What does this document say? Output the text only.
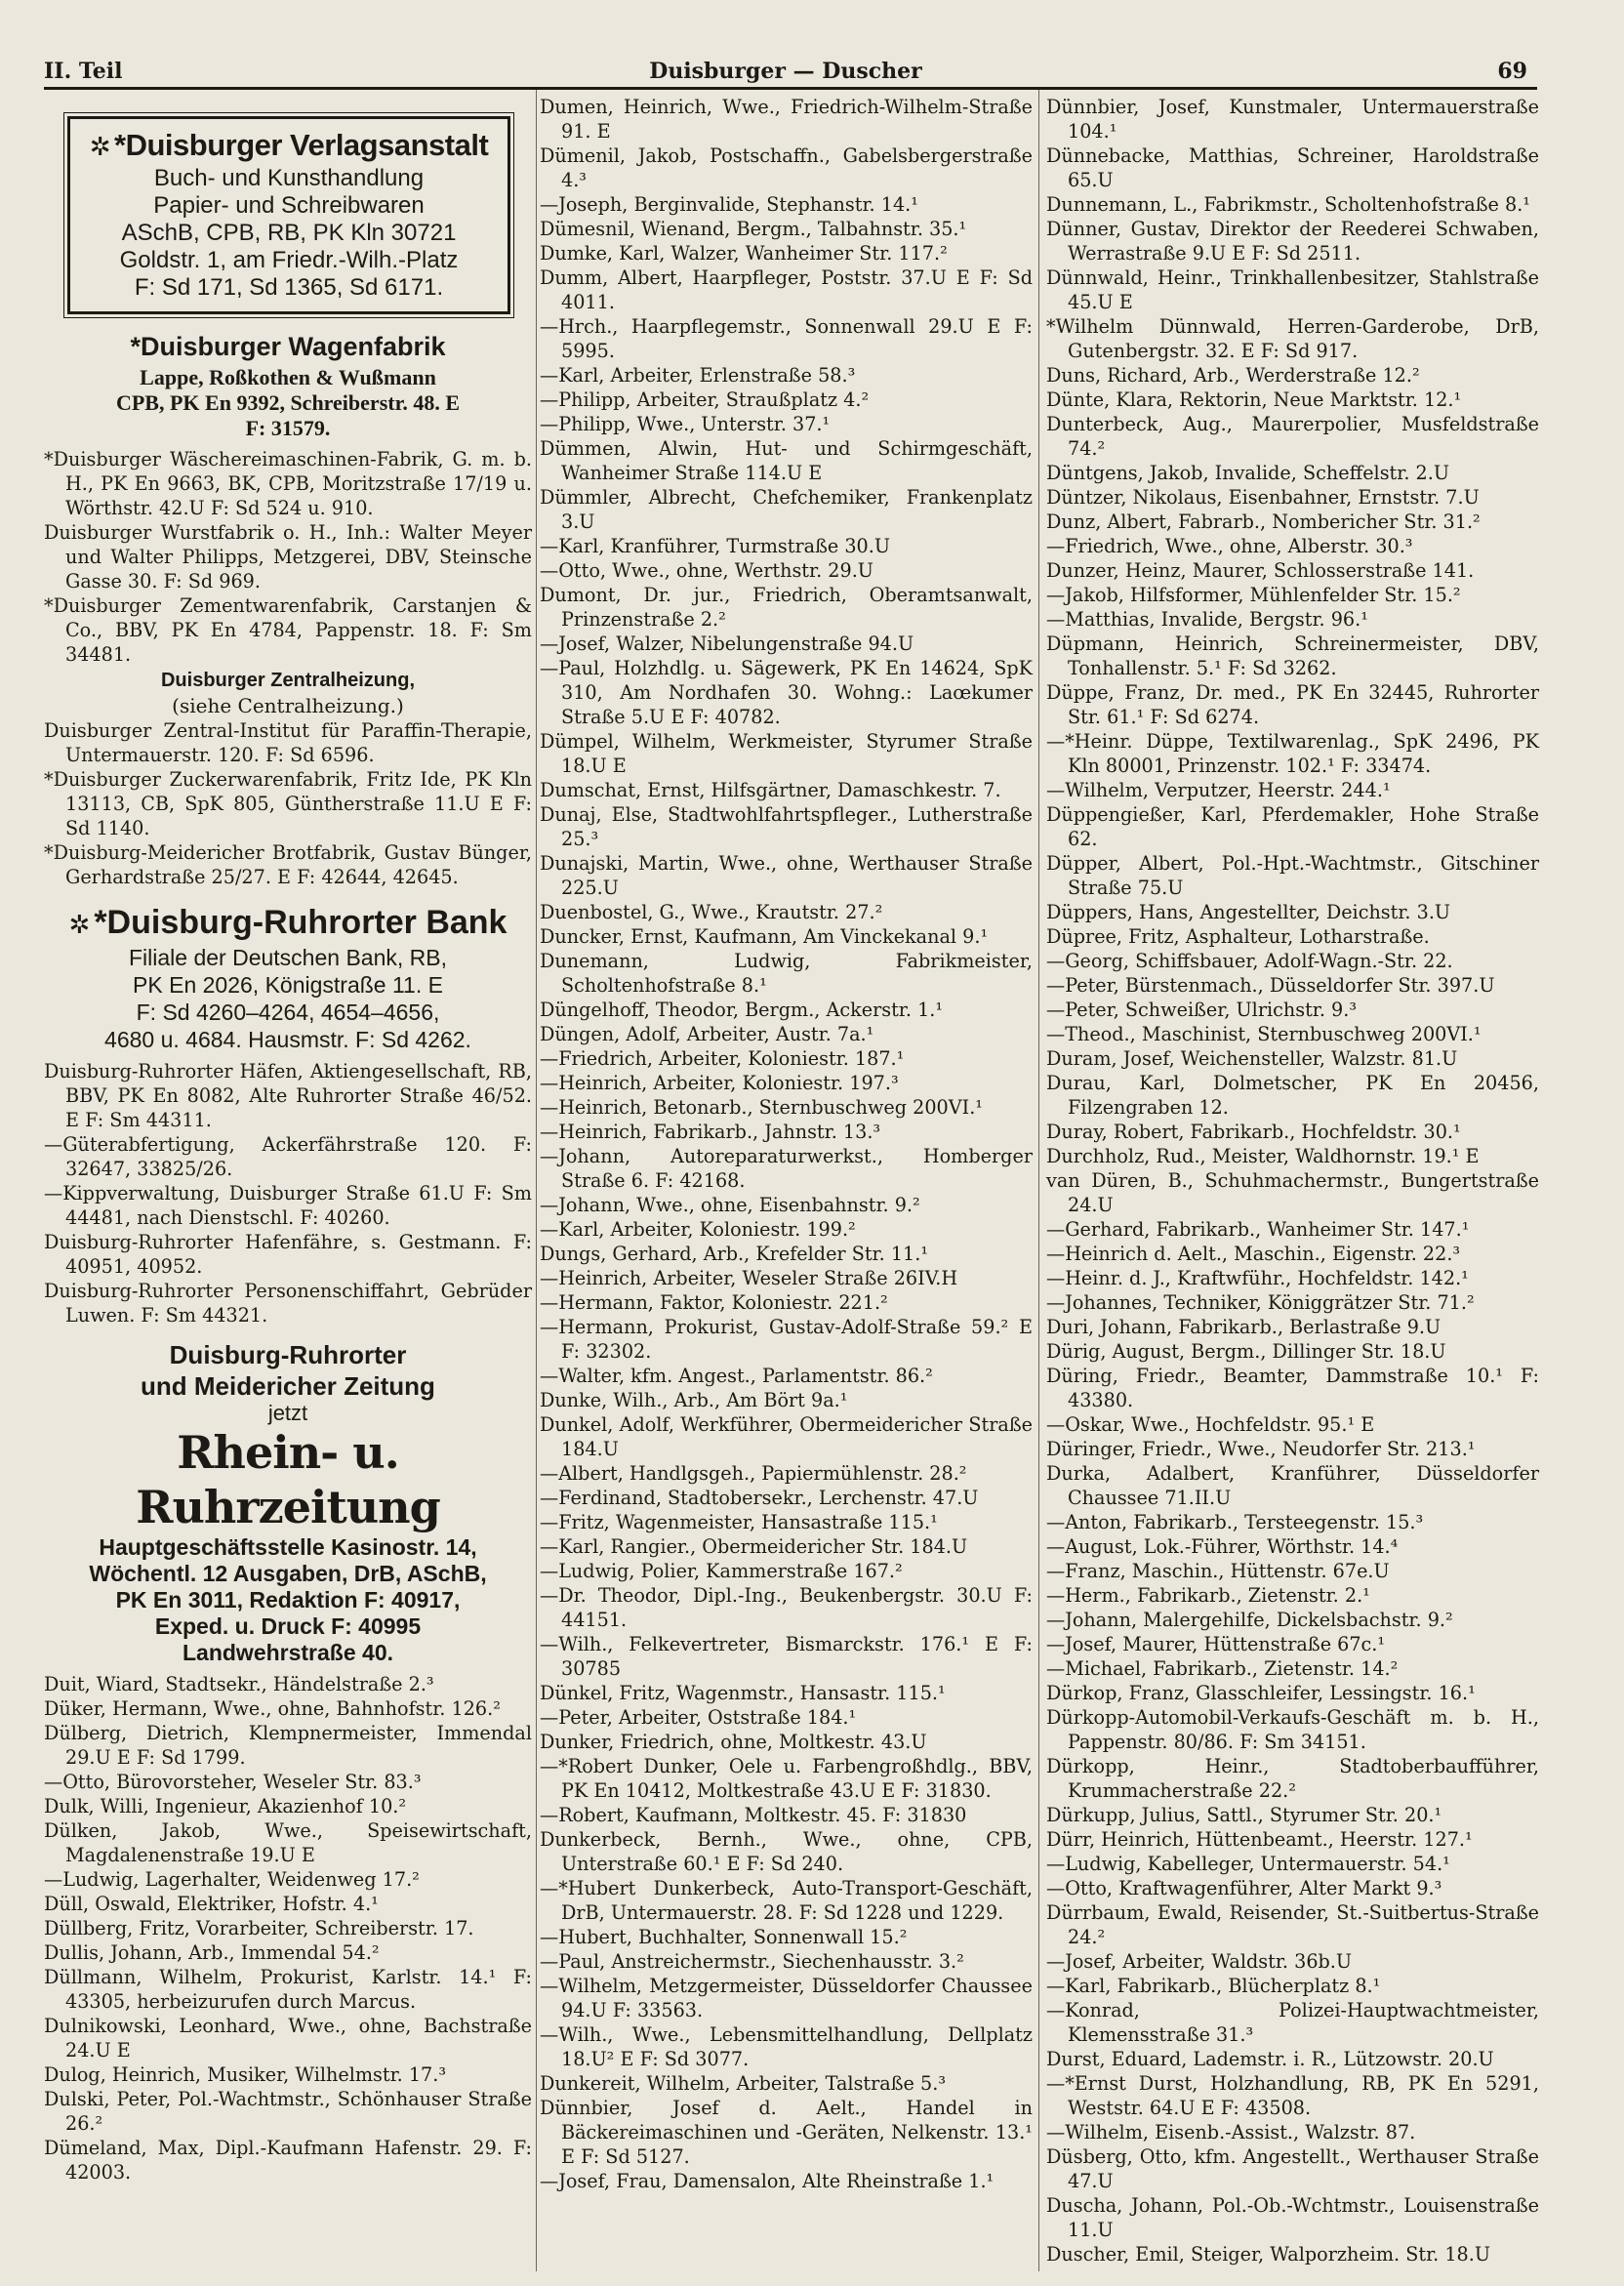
II. Teil	Duisburger — Duscher	69
✲ *Duisburger Verlagsanstalt
Buch- und Kunsthandlung
Papier- und Schreibwaren
ASchB, CPB, RB, PK Kln 30721
Goldstr. 1, am Friedr.-Wilh.-Platz
F: Sd 171, Sd 1365, Sd 6171.
*Duisburger Wagenfabrik
Lappe, Roßkothen & Wußmann
CPB, PK En 9392, Schreiberstr. 48. E
F: 31579.
*Duisburger Wäschereimaschinen-Fabrik, G. m. b. H., PK En 9663, BK, CPB, Moritzstraße 17/19 u. Wörthstr. 42.U F: Sd 524 u. 910.
Duisburger Wurstfabrik o. H., Inh.: Walter Meyer und Walter Philipps, Metzgerei, DBV, Steinsche Gasse 30. F: Sd 969.
*Duisburger Zementwarenfabrik, Carstanjen & Co., BBV, PK En 4784, Pappenstr. 18. F: Sm 34481.
Duisburger Zentralheizung,
(siehe Centralheizung.)
Duisburger Zentral-Institut für Paraffin-Therapie, Untermauerstr. 120. F: Sd 6596.
*Duisburger Zuckerwarenfabrik, Fritz Ide, PK Kln 13113, CB, SpK 805, Güntherstraße 11.U E F: Sd 1140.
*Duisburg-Meidericher Brotfabrik, Gustav Bünger, Gerhardstraße 25/27. E F: 42644, 42645.
✲ *Duisburg-Ruhrorter Bank
Filiale der Deutschen Bank, RB,
PK En 2026, Königstraße 11. E
F: Sd 4260–4264, 4654–4656,
4680 u. 4684. Hausmstr. F: Sd 4262.
Duisburg-Ruhrorter Häfen, Aktiengesellschaft, RB, BBV, PK En 8082, Alte Ruhrorter Straße 46/52. E F: Sm 44311.
—Güterabfertigung, Ackerfährstraße 120. F: 32647, 33825/26.
—Kippverwaltung, Duisburger Straße 61.U F: Sm 44481, nach Dienstschl. F: 40260.
Duisburg-Ruhrorter Hafenfähre, s. Gestmann. F: 40951, 40952.
Duisburg-Ruhrorter Personenschiffahrt, Gebrüder Luwen. F: Sm 44321.
Duisburg-Ruhrorter
und Meidericher Zeitung
jetzt
Rhein- u. Ruhrzeitung
Hauptgeschäftsstelle Kasinostr. 14,
Wöchentl. 12 Ausgaben, DrB, ASchB,
PK En 3011, Redaktion F: 40917,
Exped. u. Druck F: 40995
Landwehrstraße 40.
Duit, Wiard, Stadtsekr., Händelstraße 2.³
Düker, Hermann, Wwe., ohne, Bahnhofstr. 126.²
Dülberg, Dietrich, Klempnermeister, Immendal 29.U E F: Sd 1799.
—Otto, Bürovorsteher, Weseler Str. 83.³
Dulk, Willi, Ingenieur, Akazienhof 10.²
Dülken, Jakob, Wwe., Speisewirtschaft, Magdalenenstraße 19.U E
—Ludwig, Lagerhalter, Weidenweg 17.²
Düll, Oswald, Elektriker, Hofstr. 4.¹
Düllberg, Fritz, Vorarbeiter, Schreiberstr. 17.
Dullis, Johann, Arb., Immendal 54.²
Düllmann, Wilhelm, Prokurist, Karlstr. 14.¹ F: 43305, herbeizurufen durch Marcus.
Dulnikowski, Leonhard, Wwe., ohne, Bachstraße 24.U E
Dulog, Heinrich, Musiker, Wilhelmstr. 17.³
Dulski, Peter, Pol.-Wachtmstr., Schönhauser Straße 26.²
Dümeland, Max, Dipl.-Kaufmann Hafenstr. 29. F: 42003.
Dumen, Heinrich, Wwe., Friedrich-Wilhelm-Straße 91. E
Dümenil, Jakob, Postschaffn., Gabelsbergerstraße 4.³
—Joseph, Berginvalide, Stephanstr. 14.¹
Dümesnil, Wienand, Bergm., Talbahnstr. 35.¹
Dumke, Karl, Walzer, Wanheimer Str. 117.²
Dumm, Albert, Haarpfleger, Poststr. 37.U E F: Sd 4011.
—Hrch., Haarpflegemstr., Sonnenwall 29.U E F: 5995.
—Karl, Arbeiter, Erlenstraße 58.³
—Philipp, Arbeiter, Straußplatz 4.²
—Philipp, Wwe., Unterstr. 37.¹
Dümmen, Alwin, Hut- und Schirmgeschäft, Wanheimer Straße 114.U E
Dümmler, Albrecht, Chefchemiker, Frankenplatz 3.U
—Karl, Kranführer, Turmstraße 30.U
—Otto, Wwe., ohne, Werthstr. 29.U
Dumont, Dr. jur., Friedrich, Oberamtsanwalt, Prinzenstraße 2.²
—Josef, Walzer, Nibelungenstraße 94.U
—Paul, Holzhdlg. u. Sägewerk, PK En 14624, SpK 310, Am Nordhafen 30. Wohng.: Laœkumer Straße 5.U E F: 40782.
Dümpel, Wilhelm, Werkmeister, Styrumer Straße 18.U E
Dumschat, Ernst, Hilfsgärtner, Damaschkestr. 7.
Dunaj, Else, Stadtwohlfahrtspfleger., Lutherstraße 25.³
Dunajski, Martin, Wwe., ohne, Werthauser Straße 225.U
Duenbostel, G., Wwe., Krautstr. 27.²
Duncker, Ernst, Kaufmann, Am Vinckekanal 9.¹
Dunemann, Ludwig, Fabrikmeister, Scholtenhofstraße 8.¹
Düngelhoff, Theodor, Bergm., Ackerstr. 1.¹
Düngen, Adolf, Arbeiter, Austr. 7a.¹
—Friedrich, Arbeiter, Koloniestr. 187.¹
—Heinrich, Arbeiter, Koloniestr. 197.³
—Heinrich, Betonarb., Sternbuschweg 200VI.¹
—Heinrich, Fabrikarb., Jahnstr. 13.³
—Johann, Autoreparaturwerkst., Homberger Straße 6. F: 42168.
—Johann, Wwe., ohne, Eisenbahnstr. 9.²
—Karl, Arbeiter, Koloniestr. 199.²
Dungs, Gerhard, Arb., Krefelder Str. 11.¹
—Heinrich, Arbeiter, Weseler Straße 26IV.H
—Hermann, Faktor, Koloniestr. 221.²
—Hermann, Prokurist, Gustav-Adolf-Straße 59.² E F: 32302.
—Walter, kfm. Angest., Parlamentstr. 86.²
Dunke, Wilh., Arb., Am Bört 9a.¹
Dunkel, Adolf, Werkführer, Obermeidericher Straße 184.U
—Albert, Handlgsgeh., Papiermühlenstr. 28.²
—Ferdinand, Stadtobersekr., Lerchenstr. 47.U
—Fritz, Wagenmeister, Hansastraße 115.¹
—Karl, Rangier., Obermeidericher Str. 184.U
—Ludwig, Polier, Kammerstraße 167.²
—Dr. Theodor, Dipl.-Ing., Beukenbergstr. 30.U F: 44151.
—Wilh., Felkevertreter, Bismarckstr. 176.¹ E F: 30785
Dünkel, Fritz, Wagenmstr., Hansastr. 115.¹
—Peter, Arbeiter, Oststraße 184.¹
Dunker, Friedrich, ohne, Moltkestr. 43.U
—*Robert Dunker, Oele u. Farbengroßhdlg., BBV, PK En 10412, Moltkestraße 43.U E F: 31830.
—Robert, Kaufmann, Moltkestr. 45. F: 31830
Dunkerbeck, Bernh., Wwe., ohne, CPB, Unterstraße 60.¹ E F: Sd 240.
—*Hubert Dunkerbeck, Auto-Transport-Geschäft, DrB, Untermauerstr. 28. F: Sd 1228 und 1229.
—Hubert, Buchhalter, Sonnenwall 15.²
—Paul, Anstreichermstr., Siechenhausstr. 3.²
—Wilhelm, Metzgermeister, Düsseldorfer Chaussee 94.U F: 33563.
—Wilh., Wwe., Lebensmittelhandlung, Dellplatz 18.U² E F: Sd 3077.
Dunkereit, Wilhelm, Arbeiter, Talstraße 5.³
Dünnbier, Josef d. Aelt., Handel in Bäckereimaschinen und -Geräten, Nelkenstr. 13.¹ E F: Sd 5127.
—Josef, Frau, Damensalon, Alte Rheinstraße 1.¹
Dünnbier, Josef, Kunstmaler, Untermauerstraße 104.¹
Dünnebacke, Matthias, Schreiner, Haroldstraße 65.U
Dunnemann, L., Fabrikmstr., Scholtenhofstraße 8.¹
Dünner, Gustav, Direktor der Reederei Schwaben, Werrastraße 9.U E F: Sd 2511.
Dünnwald, Heinr., Trinkhallenbesitzer, Stahlstraße 45.U E
*Wilhelm Dünnwald, Herren-Garderobe, DrB, Gutenbergstr. 32. E F: Sd 917.
Duns, Richard, Arb., Werderstraße 12.²
Dünte, Klara, Rektorin, Neue Marktstr. 12.¹
Dunterbeck, Aug., Maurerpolier, Musfeldstraße 74.²
Düntgens, Jakob, Invalide, Scheffelstr. 2.U
Düntzer, Nikolaus, Eisenbahner, Ernststr. 7.U
Dunz, Albert, Fabrarb., Nombericher Str. 31.²
—Friedrich, Wwe., ohne, Alberstr. 30.³
Dunzer, Heinz, Maurer, Schlosserstraße 141.
—Jakob, Hilfsformer, Mühlenfelder Str. 15.²
—Matthias, Invalide, Bergstr. 96.¹
Düpmann, Heinrich, Schreinermeister, DBV, Tonhallenstr. 5.¹ F: Sd 3262.
Düppe, Franz, Dr. med., PK En 32445, Ruhrorter Str. 61.¹ F: Sd 6274.
—*Heinr. Düppe, Textilwarenlag., SpK 2496, PK Kln 80001, Prinzenstr. 102.¹ F: 33474.
—Wilhelm, Verputzer, Heerstr. 244.¹
Düppengießer, Karl, Pferdemakler, Hohe Straße 62.
Düpper, Albert, Pol.-Hpt.-Wachtmstr., Gitschiner Straße 75.U
Düppers, Hans, Angestellter, Deichstr. 3.U
Düpree, Fritz, Asphalteur, Lotharstraße.
—Georg, Schiffsbauer, Adolf-Wagn.-Str. 22.
—Peter, Bürstenmach., Düsseldorfer Str. 397.U
—Peter, Schweißer, Ulrichstr. 9.³
—Theod., Maschinist, Sternbuschweg 200VI.¹
Duram, Josef, Weichensteller, Walzstr. 81.U
Durau, Karl, Dolmetscher, PK En 20456, Filzengraben 12.
Duray, Robert, Fabrikarb., Hochfeldstr. 30.¹
Durchholz, Rud., Meister, Waldhornstr. 19.¹ E
van Düren, B., Schuhmachermstr., Bungertstraße 24.U
—Gerhard, Fabrikarb., Wanheimer Str. 147.¹
—Heinrich d. Aelt., Maschin., Eigenstr. 22.³
—Heinr. d. J., Kraftwführ., Hochfeldstr. 142.¹
—Johannes, Techniker, Königgrätzer Str. 71.²
Duri, Johann, Fabrikarb., Berlastraße 9.U
Dürig, August, Bergm., Dillinger Str. 18.U
Düring, Friedr., Beamter, Dammstraße 10.¹ F: 43380.
—Oskar, Wwe., Hochfeldstr. 95.¹ E
Düringer, Friedr., Wwe., Neudorfer Str. 213.¹
Durka, Adalbert, Kranführer, Düsseldorfer Chaussee 71.II.U
—Anton, Fabrikarb., Tersteegenstr. 15.³
—August, Lok.-Führer, Wörthstr. 14.⁴
—Franz, Maschin., Hüttenstr. 67e.U
—Herm., Fabrikarb., Zietenstr. 2.¹
—Johann, Malergehilfe, Dickelsbachstr. 9.²
—Josef, Maurer, Hüttenstraße 67c.¹
—Michael, Fabrikarb., Zietenstr. 14.²
Dürkop, Franz, Glasschleifer, Lessingstr. 16.¹
Dürkopp-Automobil-Verkaufs-Geschäft m. b. H., Pappenstr. 80/86. F: Sm 34151.
Dürkopp, Heinr., Stadtoberbaufführer, Krummacherstraße 22.²
Dürkupp, Julius, Sattl., Styrumer Str. 20.¹
Dürr, Heinrich, Hüttenbeamt., Heerstr. 127.¹
—Ludwig, Kabelleger, Untermauerstr. 54.¹
—Otto, Kraftwagenführer, Alter Markt 9.³
Dürrbaum, Ewald, Reisender, St.-Suitbertus-Straße 24.²
—Josef, Arbeiter, Waldstr. 36b.U
—Karl, Fabrikarb., Blücherplatz 8.¹
—Konrad, Polizei-Hauptwachtmeister, Klemensstraße 31.³
Durst, Eduard, Lademstr. i. R., Lützowstr. 20.U
—*Ernst Durst, Holzhandlung, RB, PK En 5291, Weststr. 64.U E F: 43508.
—Wilhelm, Eisenb.-Assist., Walzstr. 87.
Düsberg, Otto, kfm. Angestellt., Werthauser Straße 47.U
Duscha, Johann, Pol.-Ob.-Wchtmstr., Louisenstraße 11.U
Duscher, Emil, Steiger, Walporzheim. Str. 18.U
